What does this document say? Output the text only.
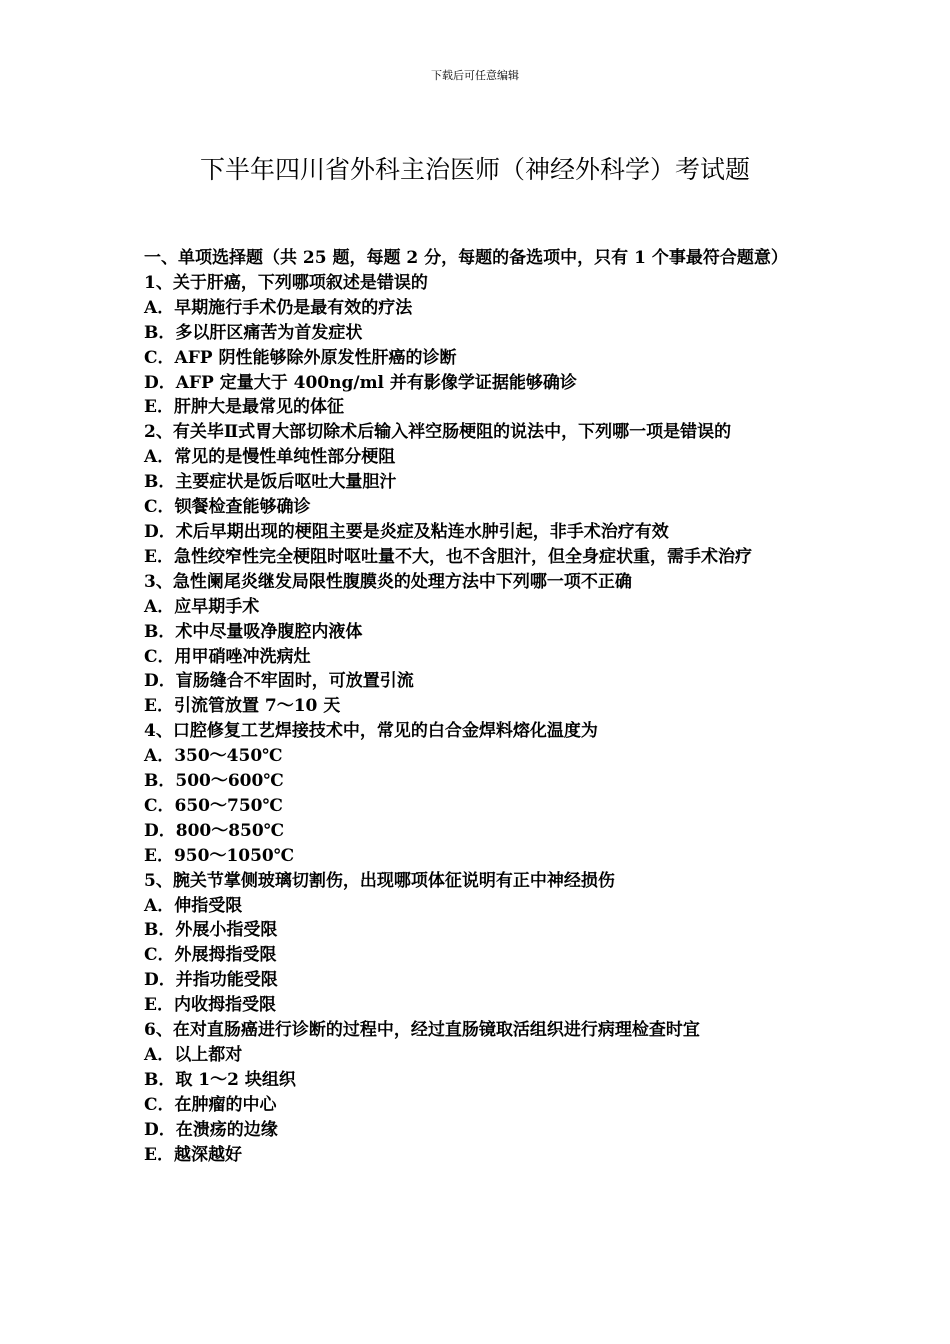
下载后可任意编辑
下半年四川省外科主治医师（神经外科学）考试题
一、单项选择题（共 25 题，每题 2 分，每题的备选项中，只有 1 个事最符合题意）
1、关于肝癌，下列哪项叙述是错误的
A．早期施行手术仍是最有效的疗法
B．多以肝区痛苦为首发症状
C．AFP 阴性能够除外原发性肝癌的诊断
D．AFP 定量大于 400ng/ml 并有影像学证据能够确诊
E．肝肿大是最常见的体征
2、有关毕Ⅱ式胃大部切除术后输入袢空肠梗阻的说法中，下列哪一项是错误的
A．常见的是慢性单纯性部分梗阻
B．主要症状是饭后呕吐大量胆汁
C．钡餐检查能够确诊
D．术后早期出现的梗阻主要是炎症及粘连水肿引起，非手术治疗有效
E．急性绞窄性完全梗阻时呕吐量不大，也不含胆汁，但全身症状重，需手术治疗
3、急性阑尾炎继发局限性腹膜炎的处理方法中下列哪一项不正确
A．应早期手术
B．术中尽量吸净腹腔内液体
C．用甲硝唑冲洗病灶
D．盲肠缝合不牢固时，可放置引流
E．引流管放置 7～10 天
4、口腔修复工艺焊接技术中，常见的白合金焊料熔化温度为
A．350～450℃
B．500～600℃
C．650～750℃
D．800～850℃
E．950～1050℃
5、腕关节掌侧玻璃切割伤，出现哪项体征说明有正中神经损伤
A．伸指受限
B．外展小指受限
C．外展拇指受限
D．并指功能受限
E．内收拇指受限
6、在对直肠癌进行诊断的过程中，经过直肠镜取活组织进行病理检查时宜
A．以上都对
B．取 1～2 块组织
C．在肿瘤的中心
D．在溃疡的边缘
E．越深越好
